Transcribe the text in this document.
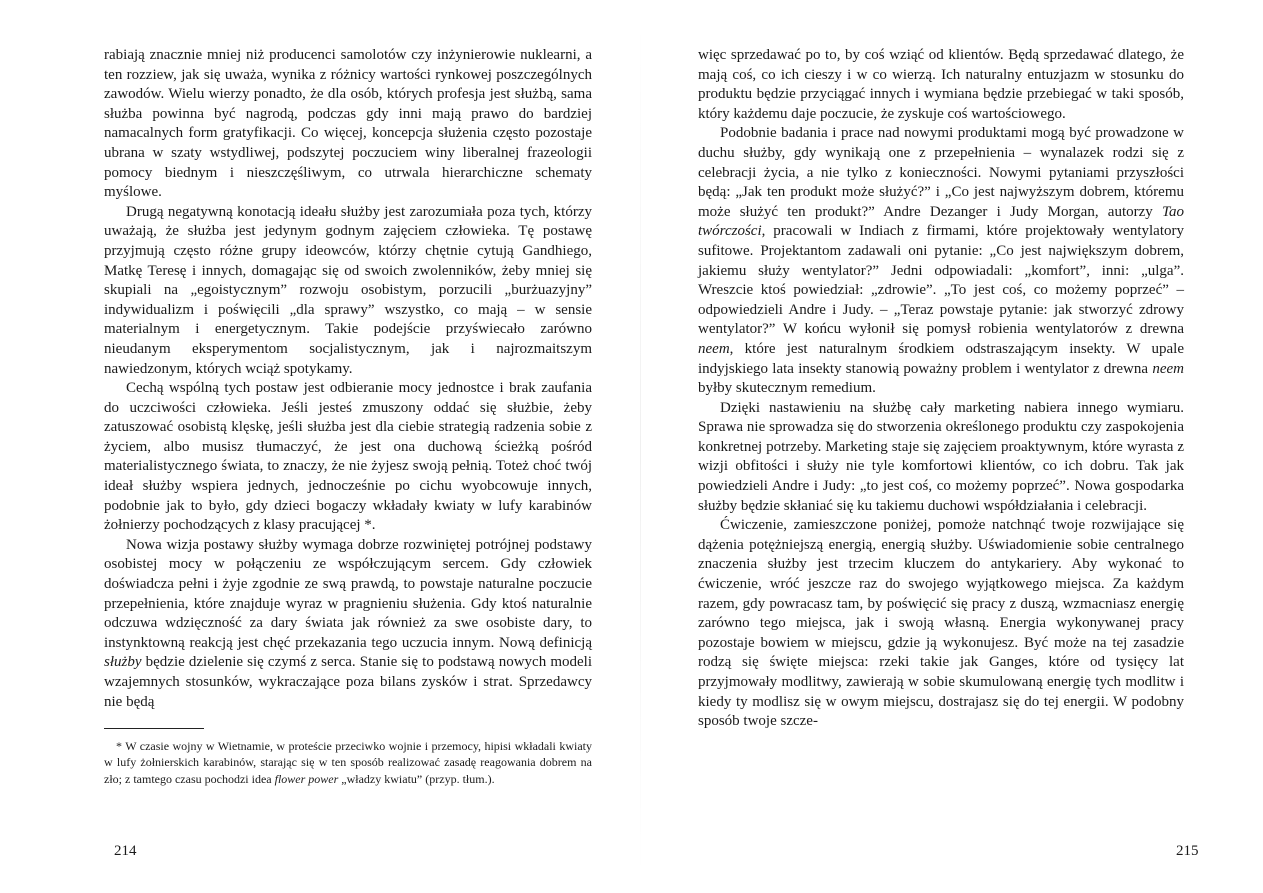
rabiają znacznie mniej niż producenci samolotów czy inżynierowie nuklearni, a ten rozziew, jak się uważa, wynika z różnicy wartości rynkowej poszczególnych zawodów. Wielu wierzy ponadto, że dla osób, których profesja jest służbą, sama służba powinna być nagrodą, podczas gdy inni mają prawo do bardziej namacalnych form gratyfikacji. Co więcej, koncepcja służenia często pozostaje ubrana w szaty wstydliwej, podszytej poczuciem winy liberalnej frazeologii pomocy biednym i nieszczęśliwym, co utrwala hierarchiczne schematy myślowe.

Drugą negatywną konotacją ideału służby jest zarozumiała poza tych, którzy uważają, że służba jest jedynym godnym zajęciem człowieka. Tę postawę przyjmują często różne grupy ideowców, którzy chętnie cytują Gandhiego, Matkę Teresę i innych, domagając się od swoich zwolenników, żeby mniej się skupiali na „egoistycznym” rozwoju osobistym, porzucili „burżuazyjny” indywidualizm i poświęcili „dla sprawy” wszystko, co mają – w sensie materialnym i energetycznym. Takie podejście przyświecało zarówno nieudanym eksperymentom socjalistycznym, jak i najrozmaitszym nawiedzonym, których wciąż spotykamy.

Cechą wspólną tych postaw jest odbieranie mocy jednostce i brak zaufania do uczciwości człowieka. Jeśli jesteś zmuszony oddać się służbie, żeby zatuszować osobistą klęskę, jeśli służba jest dla ciebie strategią radzenia sobie z życiem, albo musisz tłumaczyć, że jest ona duchową ścieżką pośród materialistycznego świata, to znaczy, że nie żyjesz swoją pełnią. Toteż choć twój ideał służby wspiera jednych, jednocześnie po cichu wyobcowuje innych, podobnie jak to było, gdy dzieci bogaczy wkładały kwiaty w lufy karabinów żołnierzy pochodzących z klasy pracującej *.

Nowa wizja postawy służby wymaga dobrze rozwiniętej potrójnej podstawy osobistej mocy w połączeniu ze współczującym sercem. Gdy człowiek doświadcza pełni i żyje zgodnie ze swą prawdą, to powstaje naturalne poczucie przepełnienia, które znajduje wyraz w pragnieniu służenia. Gdy ktoś naturalnie odczuwa wdzięczność za dary świata jak również za swe osobiste dary, to instynktowną reakcją jest chęć przekazania tego uczucia innym. Nową definicją służby będzie dzielenie się czymś z serca. Stanie się to podstawą nowych modeli wzajemnych stosunków, wykraczające poza bilans zysków i strat. Sprzedawcy nie będą

* W czasie wojny w Wietnamie, w proteście przeciwko wojnie i przemocy, hipisi wkładali kwiaty w lufy żołnierskich karabinów, starając się w ten sposób realizować zasadę reagowania dobrem na zło; z tamtego czasu pochodzi idea flower power „władzy kwiatu” (przyp. tłum.).

214

więc sprzedawać po to, by coś wziąć od klientów. Będą sprzedawać dlatego, że mają coś, co ich cieszy i w co wierzą. Ich naturalny entuzjazm w stosunku do produktu będzie przyciągać innych i wymiana będzie przebiegać w taki sposób, który każdemu daje poczucie, że zyskuje coś wartościowego.

Podobnie badania i prace nad nowymi produktami mogą być prowadzone w duchu służby, gdy wynikają one z przepełnienia – wynalazek rodzi się z celebracji życia, a nie tylko z konieczności. Nowymi pytaniami przyszłości będą: „Jak ten produkt może służyć?” i „Co jest najwyższym dobrem, któremu może służyć ten produkt?” Andre Dezanger i Judy Morgan, autorzy Tao twórczości, pracowali w Indiach z firmami, które projektowały wentylatory sufitowe. Projektantom zadawali oni pytanie: „Co jest największym dobrem, jakiemu służy wentylator?” Jedni odpowiadali: „komfort”, inni: „ulga”. Wreszcie ktoś powiedział: „zdrowie”. „To jest coś, co możemy poprzeć” – odpowiedzieli Andre i Judy. – „Teraz powstaje pytanie: jak stworzyć zdrowy wentylator?” W końcu wyłonił się pomysł robienia wentylatorów z drewna neem, które jest naturalnym środkiem odstraszającym insekty. W upale indyjskiego lata insekty stanowią poważny problem i wentylator z drewna neem byłby skutecznym remedium.

Dzięki nastawieniu na służbę cały marketing nabiera innego wymiaru. Sprawa nie sprowadza się do stworzenia określonego produktu czy zaspokojenia konkretnej potrzeby. Marketing staje się zajęciem proaktywnym, które wyrasta z wizji obfitości i służy nie tyle komfortowi klientów, co ich dobru. Tak jak powiedzieli Andre i Judy: „to jest coś, co możemy poprzeć”. Nowa gospodarka służby będzie skłaniać się ku takiemu duchowi współdziałania i celebracji.

Ćwiczenie, zamieszczone poniżej, pomoże natchnąć twoje rozwijające się dążenia potężniejszą energią, energią służby. Uświadomienie sobie centralnego znaczenia służby jest trzecim kluczem do antykariery. Aby wykonać to ćwiczenie, wróć jeszcze raz do swojego wyjątkowego miejsca. Za każdym razem, gdy powracasz tam, by poświęcić się pracy z duszą, wzmacniasz energię zarówno tego miejsca, jak i swoją własną. Energia wykonywanej pracy pozostaje bowiem w miejscu, gdzie ją wykonujesz. Być może na tej zasadzie rodzą się święte miejsca: rzeki takie jak Ganges, które od tysięcy lat przyjmowały modlitwy, zawierają w sobie skumulowaną energię tych modlitw i kiedy ty modlisz się w owym miejscu, dostrajasz się do tej energii. W podobny sposób twoje szcze-

215
